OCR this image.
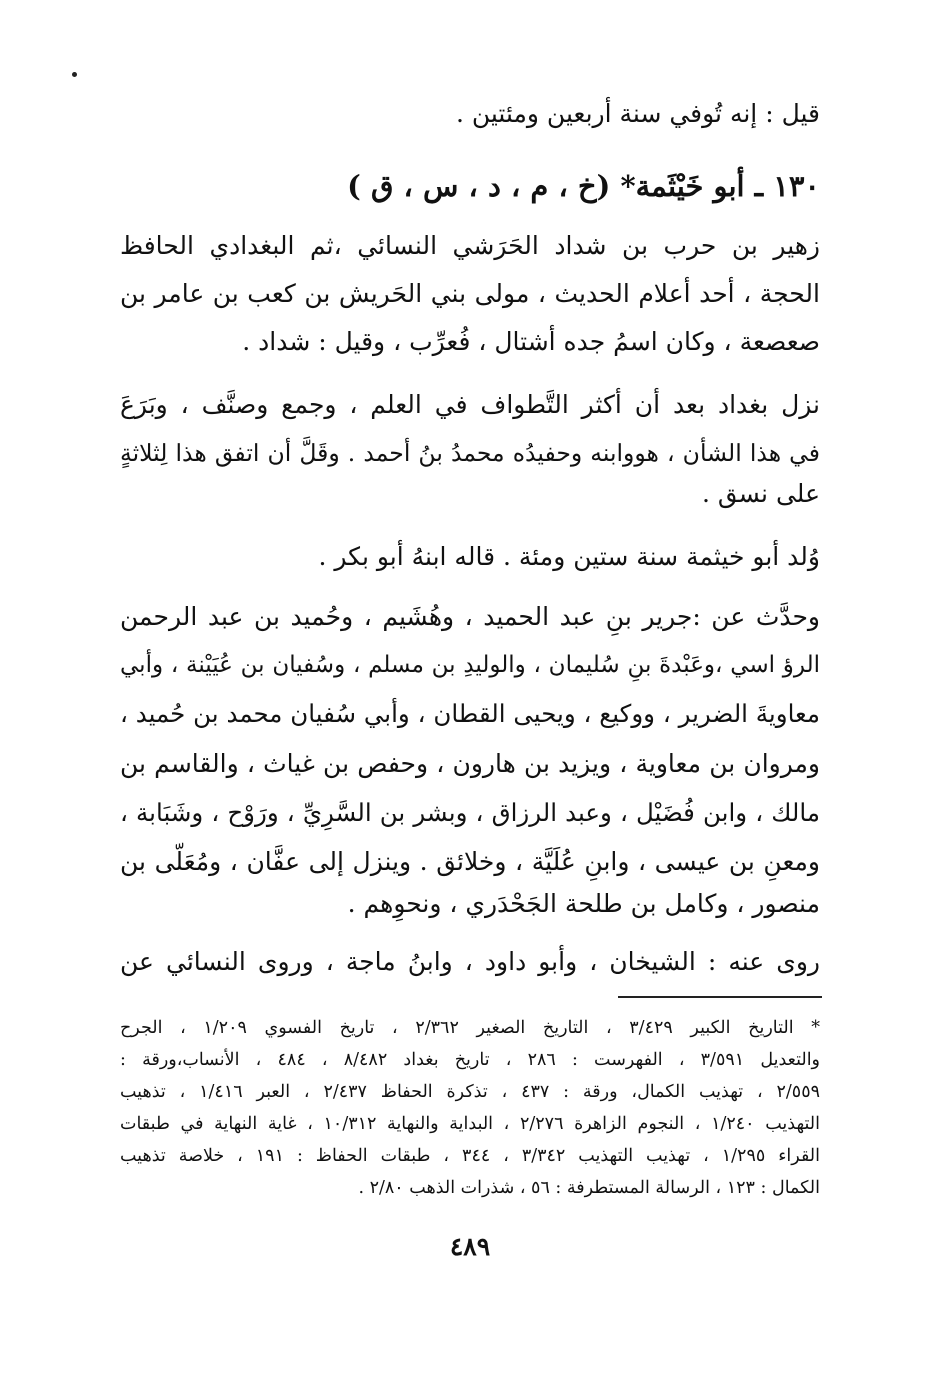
قيل : إنه تُوفي سنة أربعين ومئتين .
١٣٠ ـ أبو خَيْثَمة* (خ ، م ، د ، س ، ق )
زهير بن حرب بن شداد الحَرَشي النسائي ،ثم البغدادي الحافظ
الحجة ، أحد أعلام الحديث ، مولى بني الحَريش بن كعب بن عامر بن
صعصعة ، وكان اسمُ جده أشتال ، فُعرِّب ، وقيل : شداد .
نزل بغداد بعد أن أكثر التَّطواف في العلم ، وجمع وصنَّف ، وبَرَعَ
في هذا الشأن ، هووابنه وحفيدُه محمدُ بنُ أحمد . وقَلَّ أن اتفق هذا لِثلاثةٍ
على نسق .
وُلد أبو خيثمة سنة ستين ومئة . قاله ابنهُ أبو بكر .
وحدَّث عن :جرير بنِ عبد الحميد ، وهُشَيم ، وحُميد بن عبد الرحمن
الرؤ اسي ،وعَبْدةَ بنِ سُليمان ، والوليدِ بن مسلم ، وسُفيان بن عُيَيْنة ، وأبي
معاويةَ الضرير ، ووكيع ، ويحيى القطان ، وأبي سُفيان محمد بن حُميد ،
ومروان بن معاوية ، ويزيد بن هارون ، وحفص بن غياث ، والقاسم بن
مالك ، وابن فُضَيْل ، وعبد الرزاق ، وبشر بن السَّرِيِّ ، ورَوْح ، وشَبَابة ،
ومعنِ بن عيسى ، وابنِ عُلَيَّة ، وخلائق . وينزل إلى عفَّان ، ومُعَلّى بن
منصور ، وكامل بن طلحة الجَحْدَري ، ونحوِهم .
روى عنه : الشيخان ، وأبو داود ، وابنُ ماجة ، وروى النسائي عن
* التاريخ الكبير ٣/٤٢٩ ، التاريخ الصغير ٢/٣٦٢ ، تاريخ الفسوي ١/٢٠٩ ، الجرح
والتعديل ٣/٥٩١ ، الفهرست : ٢٨٦ ، تاريخ بغداد ٨/٤٨٢ ، ٤٨٤ ، الأنساب،ورقة :
٢/٥٥٩ ، تهذيب الكمال، ورقة : ٤٣٧ ، تذكرة الحفاظ ٢/٤٣٧ ، العبر ١/٤١٦ ، تذهيب
التهذيب ١/٢٤٠ ، النجوم الزاهرة ٢/٢٧٦ ، البداية والنهاية ١٠/٣١٢ ، غاية النهاية في طبقات
القراء ١/٢٩٥ ، تهذيب التهذيب ٣/٣٤٢ ، ٣٤٤ ، طبقات الحفاظ : ١٩١ ، خلاصة تذهيب
الكمال : ١٢٣ ، الرسالة المستطرفة : ٥٦ ، شذرات الذهب ٢/٨٠ .
٤٨٩
